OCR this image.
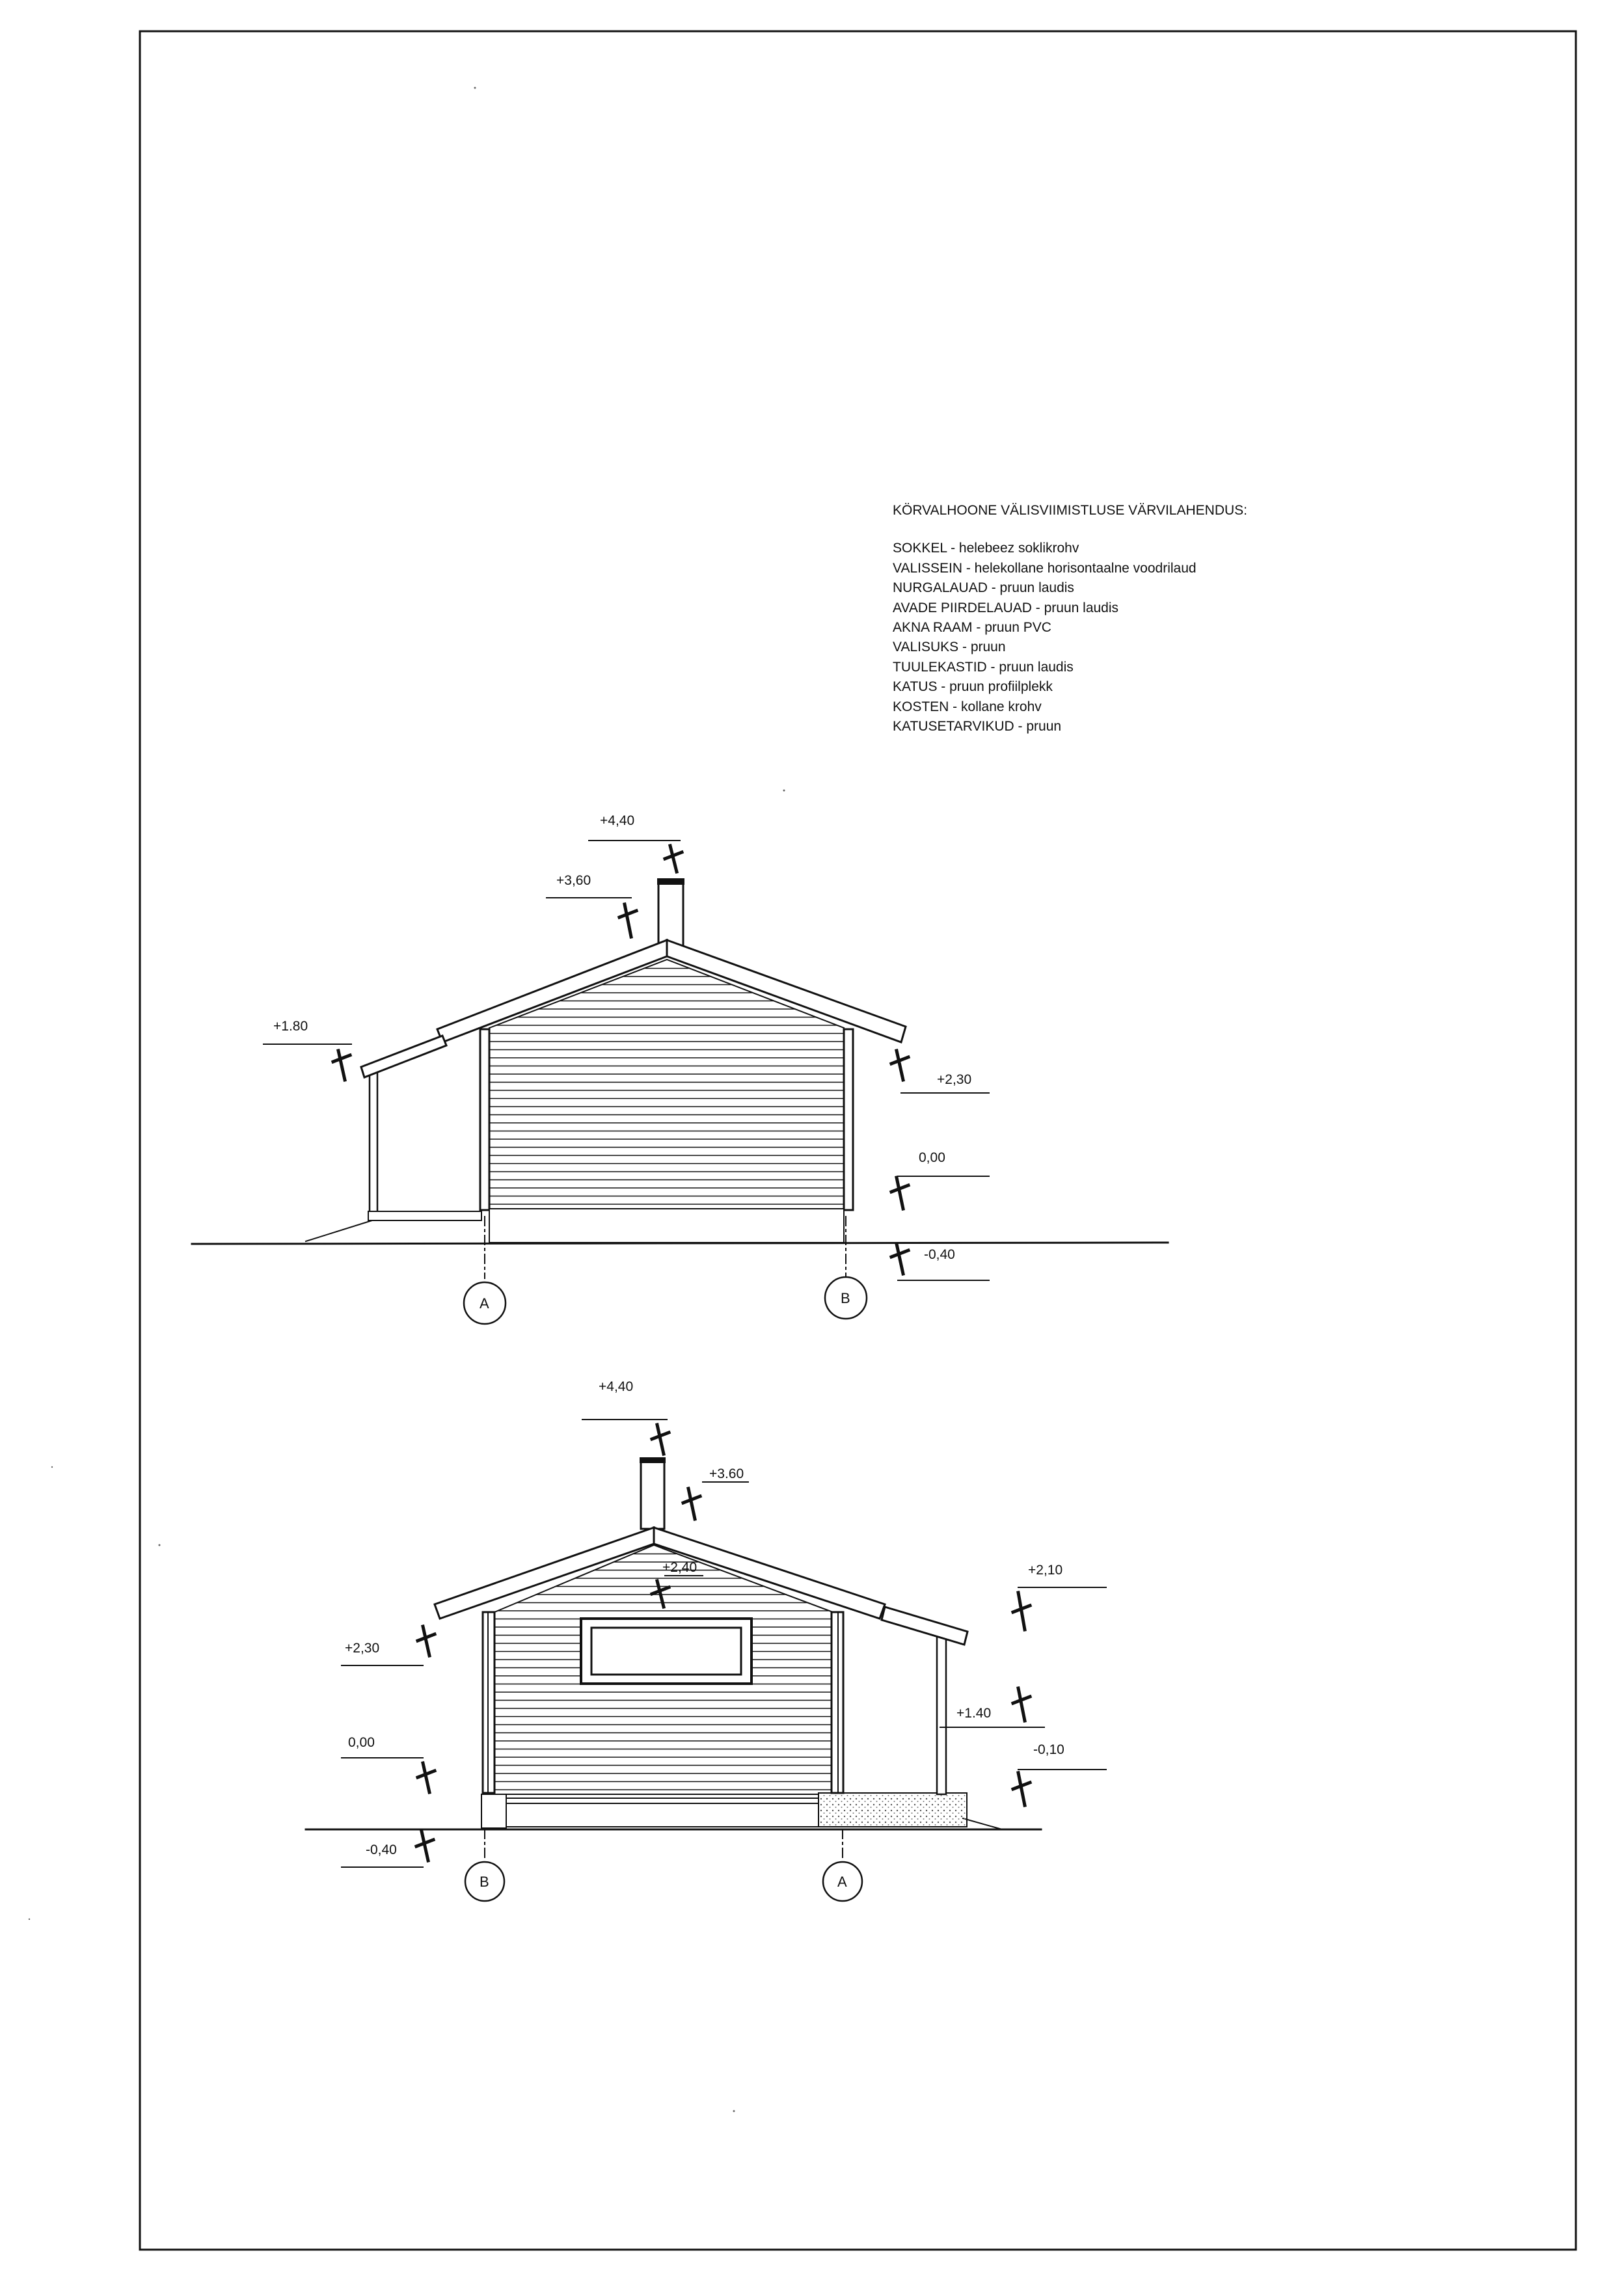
+4,40
+3,60
+1.80
+2,30
0,00
-0,40
A	B
+4,40
+3.60
+2,40	+2,10
+2,30
+1.40
-0,10
0,00
-0,40
B	A
KÖRVALHOONE VÄLISVIIMISTLUSE VÄRVILAHENDUS:
SOKKEL - helebeez soklikrohv
VALISSEIN - helekollane horisontaalne voodrilaud
NURGALAUAD - pruun laudis
AVADE PIIRDELAUAD - pruun laudis
AKNA RAAM - pruun PVC
VALISUKS - pruun
TUULEKASTID - pruun laudis
KATUS - pruun profiilplekk
KOSTEN - kollane krohv
KATUSETARVIKUD - pruun
